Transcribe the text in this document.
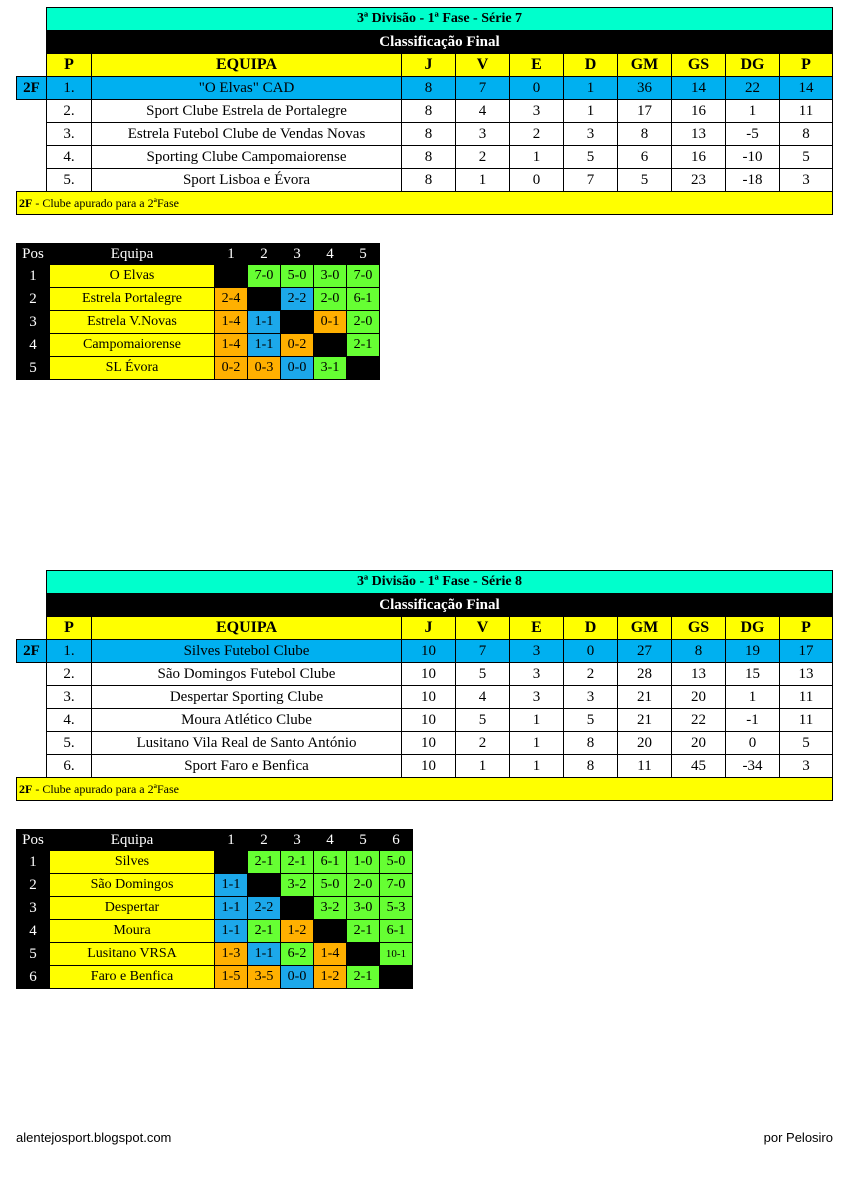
	3ª Divisão - 1ª Fase - Série 7									
	Classificação Final									
	P	EQUIPA	J	V	E	D	GM	GS	DG	P
2F	1.	"O Elvas" CAD	8	7	0	1	36	14	22	14
	2.	Sport Clube Estrela de Portalegre	8	4	3	1	17	16	1	11
	3.	Estrela Futebol Clube de Vendas Novas	8	3	2	3	8	13	-5	8
	4.	Sporting Clube Campomaiorense	8	2	1	5	6	16	-10	5
	5.	Sport Lisboa e Évora	8	1	0	7	5	23	-18	3
2F - Clube apurado para a 2ªFase										
Pos	Equipa	1	2	3	4	5
1	O Elvas		7-0	5-0	3-0	7-0
2	Estrela Portalegre	2-4		2-2	2-0	6-1
3	Estrela V.Novas	1-4	1-1		0-1	2-0
4	Campomaiorense	1-4	1-1	0-2		2-1
5	SL Évora	0-2	0-3	0-0	3-1	
	3ª Divisão - 1ª Fase - Série 8									
	Classificação Final									
	P	EQUIPA	J	V	E	D	GM	GS	DG	P
2F	1.	Silves Futebol Clube	10	7	3	0	27	8	19	17
	2.	São Domingos Futebol Clube	10	5	3	2	28	13	15	13
	3.	Despertar Sporting Clube	10	4	3	3	21	20	1	11
	4.	Moura Atlético Clube	10	5	1	5	21	22	-1	11
	5.	Lusitano Vila Real de Santo António	10	2	1	8	20	20	0	5
	6.	Sport Faro e Benfica	10	1	1	8	11	45	-34	3
2F - Clube apurado para a 2ªFase										
Pos	Equipa	1	2	3	4	5	6
1	Silves		2-1	2-1	6-1	1-0	5-0
2	São Domingos	1-1		3-2	5-0	2-0	7-0
3	Despertar	1-1	2-2		3-2	3-0	5-3
4	Moura	1-1	2-1	1-2		2-1	6-1
5	Lusitano VRSA	1-3	1-1	6-2	1-4		10-1
6	Faro e Benfica	1-5	3-5	0-0	1-2	2-1	
alentejosport.blogspot.com	por Pelosiro
